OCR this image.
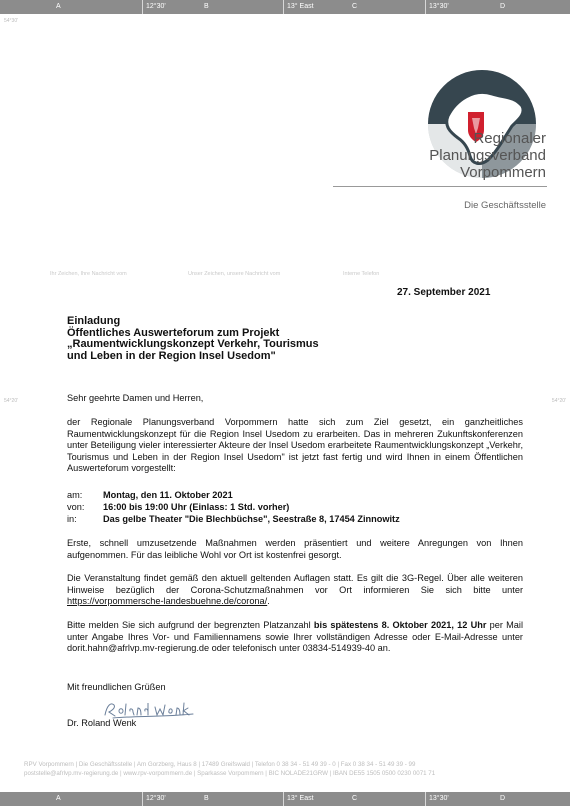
A	12°30'	B	13° East	C	13°30'	D
54°30'
54°20'	54°20'
Regionaler
Planungsverband
Vorpommern
Die Geschäftsstelle
Ihr Zeichen, Ihre Nachricht vom	Unser Zeichen, unsere Nachricht vom	Interne Telefon
27. September 2021
Einladung
Öffentliches Auswerteforum zum Projekt
„Raumentwicklungskonzept Verkehr, Tourismus
und Leben in der Region Insel Usedom"
Sehr geehrte Damen und Herren,
der Regionale Planungsverband Vorpommern hatte sich zum Ziel gesetzt, ein ganzheitliches Raumentwicklungskonzept für die Region Insel Usedom zu erarbeiten. Das in mehreren Zukunftskonferenzen unter Beteiligung vieler interessierter Akteure der Insel Usedom erarbeitete Raumentwicklungskonzept „Verkehr, Tourismus und Leben in der Region Insel Usedom" ist jetzt fast fertig und wird Ihnen in einem Öffentlichen Auswerteforum vorgestellt:
am: Montag, den 11. Oktober 2021
von: 16:00 bis 19:00 Uhr (Einlass: 1 Std. vorher)
in:	Das gelbe Theater "Die Blechbüchse", Seestraße 8, 17454 Zinnowitz
Erste, schnell umzusetzende Maßnahmen werden präsentiert und weitere Anregungen von Ihnen aufgenommen. Für das leibliche Wohl vor Ort ist kostenfrei gesorgt.
Die Veranstaltung findet gemäß den aktuell geltenden Auflagen statt. Es gilt die 3G-Regel. Über alle weiteren Hinweise bezüglich der Corona-Schutzmaßnahmen vor Ort informieren Sie sich bitte unter https://vorpommersche-landesbuehne.de/corona/.
Bitte melden Sie sich aufgrund der begrenzten Platzanzahl bis spätestens 8. Oktober 2021, 12 Uhr per Mail unter Angabe Ihres Vor- und Familiennamens sowie Ihrer vollständigen Adresse oder E-Mail-Adresse unter dorit.hahn@afrlvp.mv-regierung.de oder telefonisch unter 03834-514939-40 an.
Mit freundlichen Grüßen
Dr. Roland Wenk
RPV Vorpommern | Die Geschäftsstelle | Am Gorzberg, Haus 8 | 17489 Greifswald | Telefon 0 38 34 - 51 49 39 - 0 | Fax 0 38 34 - 51 49 39 - 99
poststelle@afrlvp.mv-regierung.de | www.rpv-vorpommern.de | Sparkasse Vorpommern | BIC NOLADE21GRW | IBAN DE55 1505 0500 0230 0071 71
A	12°30'	B	13° East	C	13°30'	D
